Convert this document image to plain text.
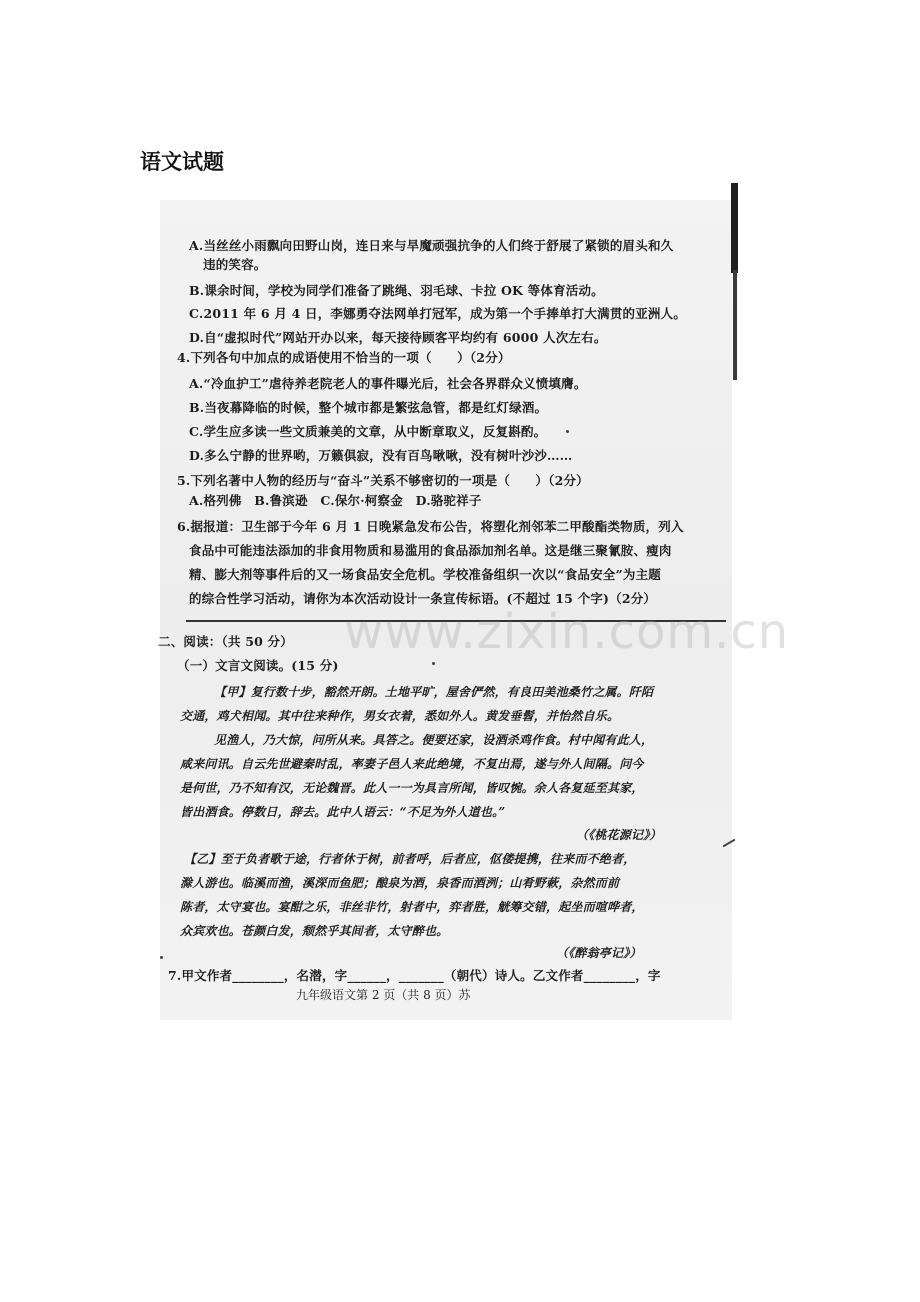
语文试题
A.当丝丝小雨飘向田野山岗，连日来与旱魔顽强抗争的人们终于舒展了紧锁的眉头和久
违的笑容。
B.课余时间，学校为同学们准备了跳绳、羽毛球、卡拉 OK 等体育活动。
C.2011 年 6 月 4 日，李娜勇夺法网单打冠军，成为第一个手捧单打大满贯的亚洲人。
D.自“虚拟时代”网站开办以来，每天接待顾客平均约有 6000 人次左右。
4.下列各句中加点的成语使用不恰当的一项（　　）（2分）
A.“冷血护工”虐待养老院老人的事件曝光后，社会各界群众义愤填膺。
B.当夜幕降临的时候，整个城市都是繁弦急管，都是红灯绿酒。
C.学生应多读一些文质兼美的文章，从中断章取义，反复斟酌。
D.多么宁静的世界哟，万籁俱寂，没有百鸟啾啾，没有树叶沙沙……
5.下列名著中人物的经历与“奋斗”关系不够密切的一项是（　　）（2分）
A.格列佛　B.鲁滨逊　C.保尔·柯察金　D.骆驼祥子
6.据报道：卫生部于今年 6 月 1 日晚紧急发布公告，将塑化剂邻苯二甲酸酯类物质，列入
食品中可能违法添加的非食用物质和易滥用的食品添加剂名单。这是继三聚氰胺、瘦肉
精、膨大剂等事件后的又一场食品安全危机。学校准备组织一次以“食品安全”为主题
的综合性学习活动，请你为本次活动设计一条宣传标语。(不超过 15 个字)（2分）
www.zixin.com.cn
二、阅读：（共 50 分）
（一）文言文阅读。(15 分)
【甲】复行数十步，豁然开朗。土地平旷，屋舍俨然，有良田美池桑竹之属。阡陌
交通，鸡犬相闻。其中往来种作，男女衣着，悉如外人。黄发垂髫，并怡然自乐。
见渔人，乃大惊，问所从来。具答之。便要还家，设酒杀鸡作食。村中闻有此人，
咸来问讯。自云先世避秦时乱，率妻子邑人来此绝境，不复出焉，遂与外人间隔。问今
是何世，乃不知有汉，无论魏晋。此人一一为具言所闻，皆叹惋。余人各复延至其家，
皆出酒食。停数日，辞去。此中人语云：“不足为外人道也。”
（《桃花源记》）
【乙】至于负者歌于途，行者休于树，前者呼，后者应，伛偻提携，往来而不绝者，
滁人游也。临溪而渔，溪深而鱼肥；酿泉为酒，泉香而酒洌；山肴野蔌，杂然而前
陈者，太守宴也。宴酣之乐，非丝非竹，射者中，弈者胜，觥筹交错，起坐而喧哗者，
众宾欢也。苍颜白发，颓然乎其间者，太守醉也。
（《醉翁亭记》）
7.甲文作者________，名潜，字______，_______（朝代）诗人。乙文作者________，字
九年级语文第 2 页（共 8 页）苏
